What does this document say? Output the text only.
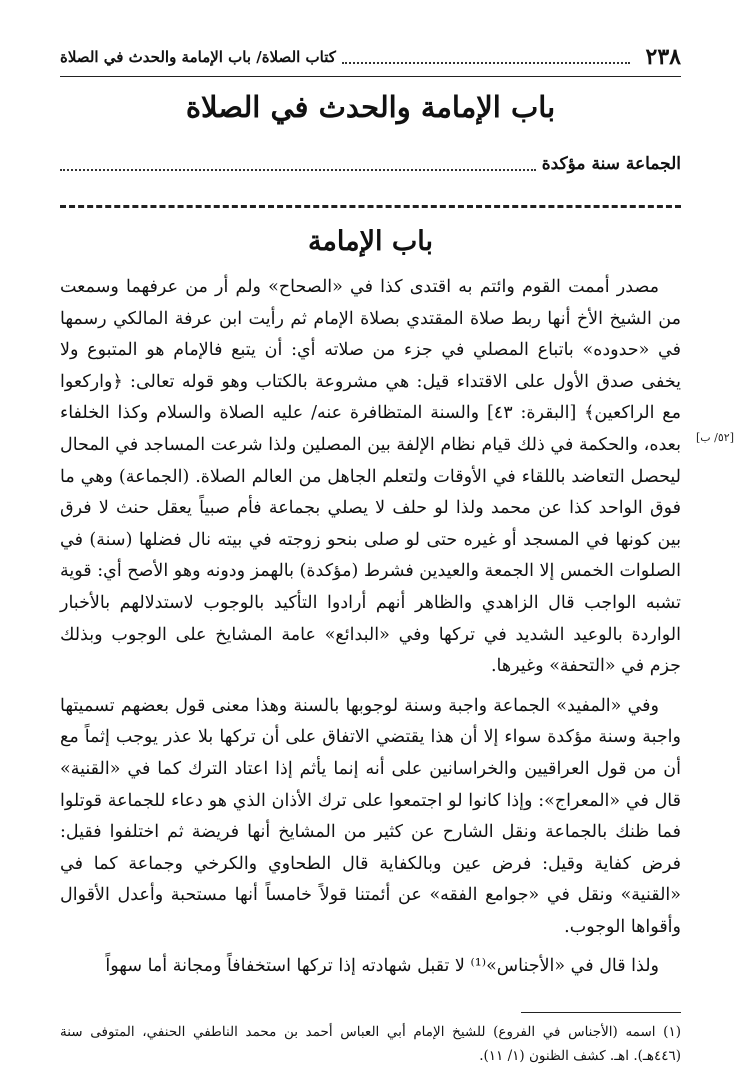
٢٣٨
كتاب الصلاة/ باب الإمامة والحدث في الصلاة
باب الإمامة والحدث في الصلاة
الجماعة سنة مؤكدة
باب الإمامة
[٥٢/ ب]

مصدر أممت القوم وائتم به اقتدى كذا في «الصحاح» ولم أر من عرفهما وسمعت من الشيخ الأخ أنها ربط صلاة المقتدي بصلاة الإمام ثم رأيت ابن عرفة المالكي رسمها في «حدوده» باتباع المصلي في جزء من صلاته أي: أن يتبع فالإمام هو المتبوع ولا يخفى صدق الأول على الاقتداء قيل: هي مشروعة بالكتاب وهو قوله تعالى: ﴿واركعوا مع الراكعين﴾ [البقرة: ٤٣] والسنة المتظافرة عنه/ عليه الصلاة والسلام وكذا الخلفاء بعده، والحكمة في ذلك قيام نظام الإلفة بين المصلين ولذا شرعت المساجد في المحال ليحصل التعاضد باللقاء في الأوقات ولتعلم الجاهل من العالم الصلاة. (الجماعة) وهي ما فوق الواحد كذا عن محمد ولذا لو حلف لا يصلي بجماعة فأم صبياً يعقل حنث لا فرق بين كونها في المسجد أو غيره حتى لو صلى بنحو زوجته في بيته نال فضلها (سنة) في الصلوات الخمس إلا الجمعة والعيدين فشرط (مؤكدة) بالهمز ودونه وهو الأصح أي: قوية تشبه الواجب قال الزاهدي والظاهر أنهم أرادوا التأكيد بالوجوب لاستدلالهم بالأخبار الواردة بالوعيد الشديد في تركها وفي «البدائع» عامة المشايخ على الوجوب وبذلك جزم في «التحفة» وغيرها.

وفي «المفيد» الجماعة واجبة وسنة لوجوبها بالسنة وهذا معنى قول بعضهم تسميتها واجبة وسنة مؤكدة سواء إلا أن هذا يقتضي الاتفاق على أن تركها بلا عذر يوجب إثماً مع أن من قول العراقيين والخراسانين على أنه إنما يأثم إذا اعتاد الترك كما في «القنية» قال في «المعراج»: وإذا كانوا لو اجتمعوا على ترك الأذان الذي هو دعاء للجماعة قوتلوا فما ظنك بالجماعة ونقل الشارح عن كثير من المشايخ أنها فريضة ثم اختلفوا فقيل: فرض كفاية وقيل: فرض عين وبالكفاية قال الطحاوي والكرخي وجماعة كما في «القنية» ونقل في «جوامع الفقه» عن أئمتنا قولاً خامساً أنها مستحبة وأعدل الأقوال وأقواها الوجوب.

ولذا قال في «الأجناس»⁽¹⁾ لا تقبل شهادته إذا تركها استخفافاً ومجانة أما سهواً

(١) اسمه (الأجناس في الفروع) للشيخ الإمام أبي العباس أحمد بن محمد الناطفي الحنفي، المتوفى سنة (٤٤٦هـ). اهـ. كشف الظنون (١/ ١١).
